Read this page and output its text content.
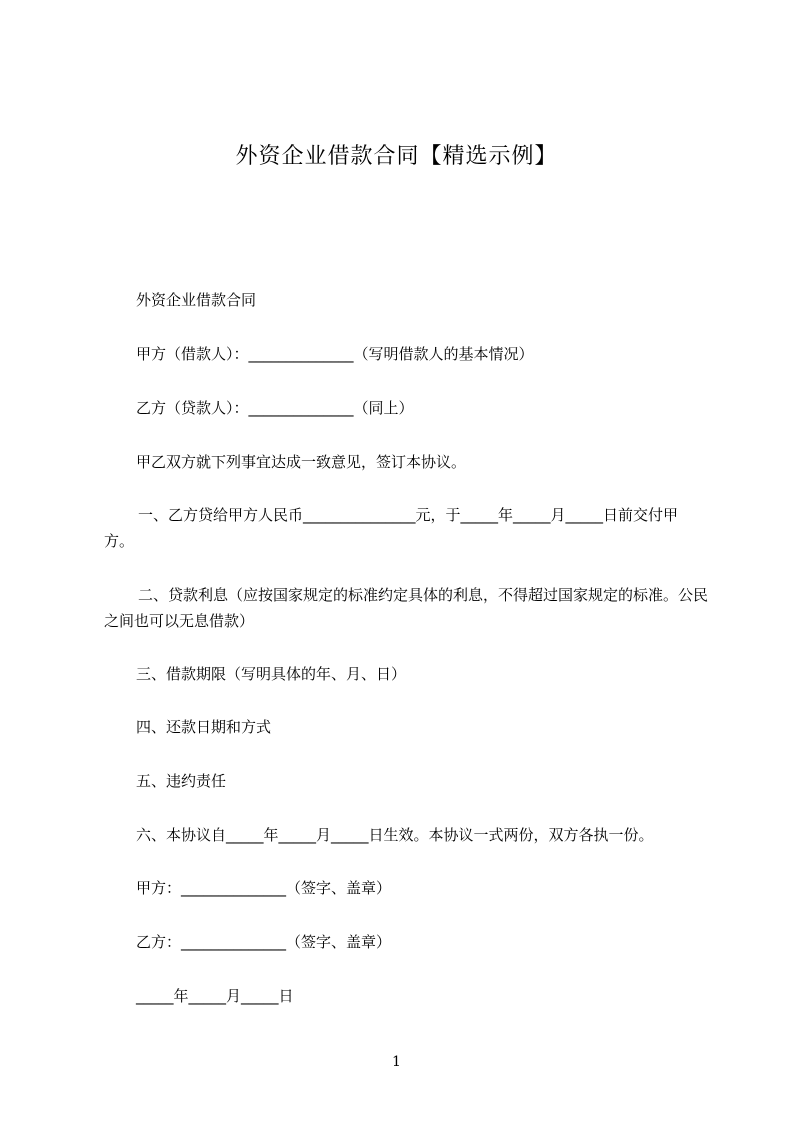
外资企业借款合同【精选示例】

外资企业借款合同

甲方（借款人）：______________（写明借款人的基本情况）

乙方（贷款人）：______________（同上）

甲乙双方就下列事宜达成一致意见，签订本协议。

一、乙方贷给甲方人民币_______________元，于_____年_____月_____日前交付甲方。

二、贷款利息（应按国家规定的标准约定具体的利息，不得超过国家规定的标准。公民之间也可以无息借款）

三、借款期限（写明具体的年、月、日）

四、还款日期和方式

五、违约责任

六、本协议自_____年_____月_____日生效。本协议一式两份，双方各执一份。

甲方：______________（签字、盖章）

乙方：______________（签字、盖章）

_____年_____月_____日

1
